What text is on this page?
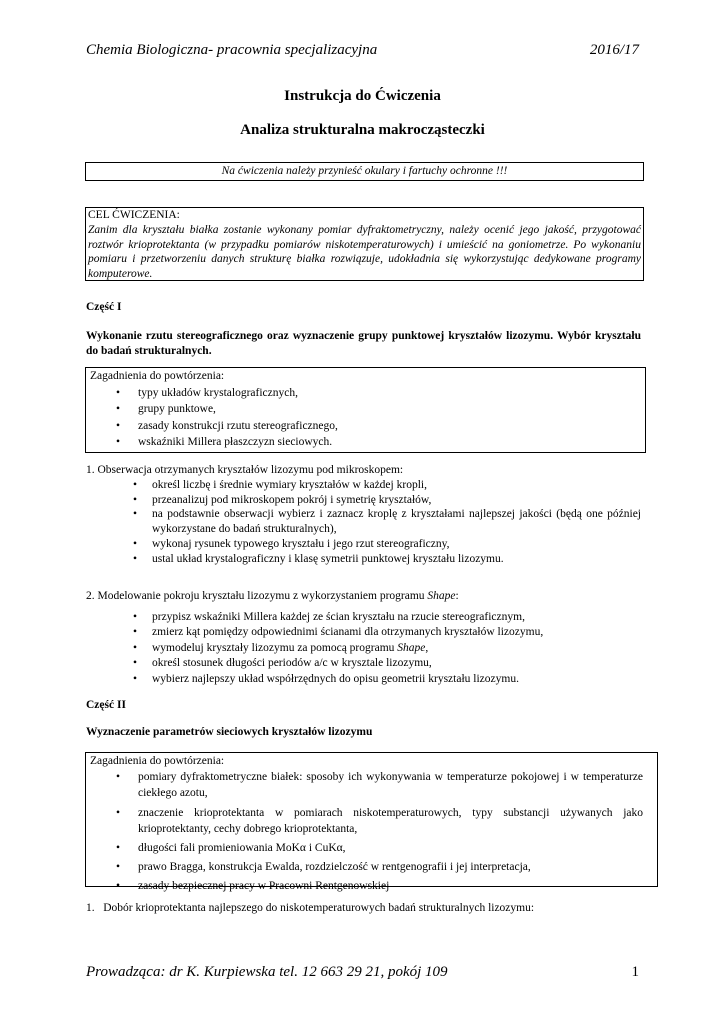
Chemia Biologiczna- pracownia specjalizacyjna	2016/17
Instrukcja do Ćwiczenia
Analiza strukturalna makrocząsteczki
Na ćwiczenia należy przynieść okulary i fartuchy ochronne !!!
CEL ĆWICZENIA:
Zanim dla kryształu białka zostanie wykonany pomiar dyfraktometryczny, należy ocenić jego jakość, przygotować roztwór krioprotektanta (w przypadku pomiarów niskotemperaturowych) i umieścić na goniometrze. Po wykonaniu pomiaru i przetworzeniu danych strukturę białka rozwiązuje, udokładnia się wykorzystując dedykowane programy komputerowe.
Część I
Wykonanie rzutu stereograficznego oraz wyznaczenie grupy punktowej kryształów lizozymu. Wybór kryształu do badań strukturalnych.
Zagadnienia do powtórzenia:
• typy układów krystalograficznych,
• grupy punktowe,
• zasady konstrukcji rzutu stereograficznego,
• wskaźniki Millera płaszczyzn sieciowych.
1. Obserwacja otrzymanych kryształów lizozymu pod mikroskopem:
• określ liczbę i średnie wymiary kryształów w każdej kropli,
• przeanalizuj pod mikroskopem pokrój i symetrię kryształów,
• na podstawnie obserwacji wybierz i zaznacz kroplę z kryształami najlepszej jakości (będą one później wykorzystane do badań strukturalnych),
• wykonaj rysunek typowego kryształu i jego rzut stereograficzny,
• ustal układ krystalograficzny i klasę symetrii punktowej kryształu lizozymu.
2. Modelowanie pokroju kryształu lizozymu z wykorzystaniem programu Shape:
• przypisz wskaźniki Millera każdej ze ścian kryształu na rzucie stereograficznym,
• zmierz kąt pomiędzy odpowiednimi ścianami dla otrzymanych kryształów lizozymu,
• wymodeluj kryształy lizozymu za pomocą programu Shape,
• określ stosunek długości periodów a/c w krysztale lizozymu,
• wybierz najlepszy układ współrzędnych do opisu geometrii kryształu lizozymu.
Część II
Wyznaczenie parametrów sieciowych kryształów lizozymu
Zagadnienia do powtórzenia:
• pomiary dyfraktometryczne białek: sposoby ich wykonywania w temperaturze pokojowej i w temperaturze ciekłego azotu,
• znaczenie krioprotektanta w pomiarach niskotemperaturowych, typy substancji używanych jako krioprotektanty, cechy dobrego krioprotektanta,
• długości fali promieniowania MoKα i CuKα,
• prawo Bragga, konstrukcja Ewalda, rozdzielczość w rentgenografii i jej interpretacja,
• zasady bezpiecznej pracy w Pracowni Rentgenowskiej
1.   Dobór krioprotektanta najlepszego do niskotemperaturowych badań strukturalnych lizozymu:
Prowadząca: dr K. Kurpiewska tel. 12 663 29 21, pokój 109	1
